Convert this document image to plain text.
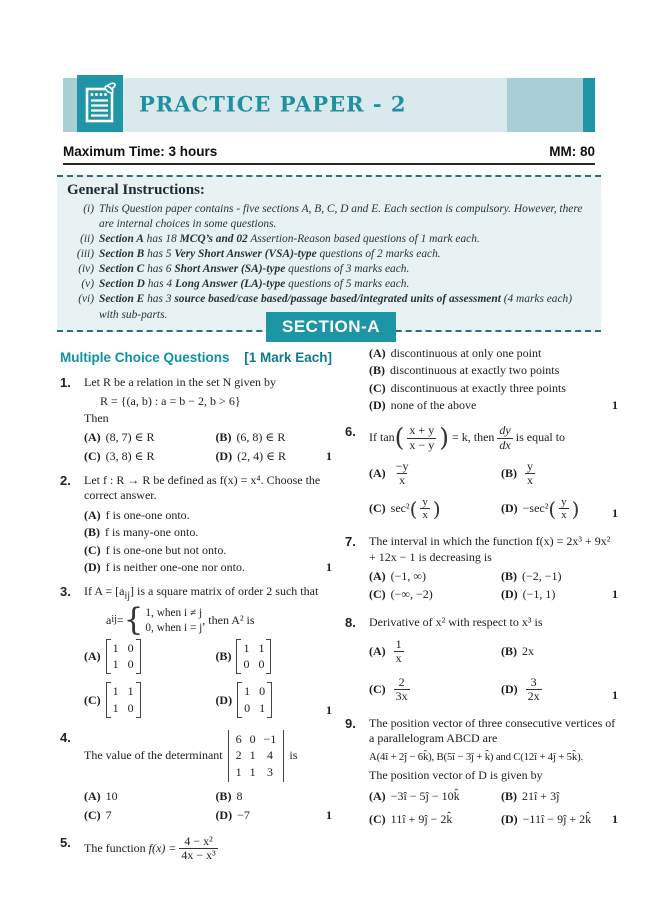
PRACTICE PAPER - 2
Maximum Time: 3 hours	MM: 80
General Instructions:
(i) This Question paper contains - five sections A, B, C, D and E. Each section is compulsory. However, there are internal choices in some questions.
(ii) Section A has 18 MCQ’s and 02 Assertion-Reason based questions of 1 mark each.
(iii) Section B has 5 Very Short Answer (VSA)-type questions of 2 marks each.
(iv) Section C has 6 Short Answer (SA)-type questions of 3 marks each.
(v) Section D has 4 Long Answer (LA)-type questions of 5 marks each.
(vi) Section E has 3 source based/case based/passage based/integrated units of assessment (4 marks each) with sub-parts.
SECTION-A
Multiple Choice Questions [1 Mark Each]
1.	Let R be a relation in the set N given by
R = {(a, b) : a = b − 2, b > 6}
Then
(A) (8, 7) ∈ R	(B) (6, 8) ∈ R
(C) (3, 8) ∈ R	(D) (2, 4) ∈ R	1
2.	Let f : R → R be defined as f(x) = x⁴. Choose the correct answer.
(A) f is one-one onto.
(B) f is many-one onto.
(C) f is one-one but not onto.
(D) f is neither one-one nor onto.	1
3.	If $A = [a_{ij}]$ is a square matrix of order 2 such that
a ij = { 1, when i ≠ j
0, when i = j
, then A² is
(A)
1 0
1 0
(B)
1 1
0 0
(C)
1 1
1 0
(D)
1 0
0 1	1
4.
The value of the determinant
6 0 −1
2 1 4
1 1 3
is
(A) 10	(B) 8
(C) 7	(D) −7	1
5.	The function
$f(x) = \frac{\text{4 − x²}}{\text{4x − x³}}$
(A) discontinuous at only one point
(B) discontinuous at exactly two points
(C) discontinuous at exactly three points
(D) none of the above	1
6.	If tan ( $\frac{x + y}{x - y}$ )
= k, then $\frac{dy}{dx}$ is equal to
$(A) \frac{-y}{x}$	$(B) \frac{y}{x}$
(C) sec² ( $\frac{y}{x}$ )	(D) −sec² ( $\frac{y}{x}$ )	1
7.	The interval in which the function f(x) = 2x³ + 9x² + 12x − 1 is decreasing is
(A) (−1, ∞)	(B) (−2, −1)
(C) (−∞, −2)	(D) (−1, 1)	1
8.	Derivative of x² with respect to x³ is
$(A) \frac{1}{x}$	(B) 2x
$(C) \frac{2}{3x}$	$(D) \frac{3}{2x}$	1
9.	The position vector of three consecutive vertices of a parallelogram ABCD are
A(4î + 2ĵ − 6k̂), B(5î − 3ĵ + k̂) and C(12î + 4ĵ + 5k̂).
The position vector of D is given by
(A) −3î − 5ĵ − 10k̂	(B) 21î + 3ĵ
(C) 11î + 9ĵ − 2k̂	(D) −11î − 9ĵ + 2k̂ 1
